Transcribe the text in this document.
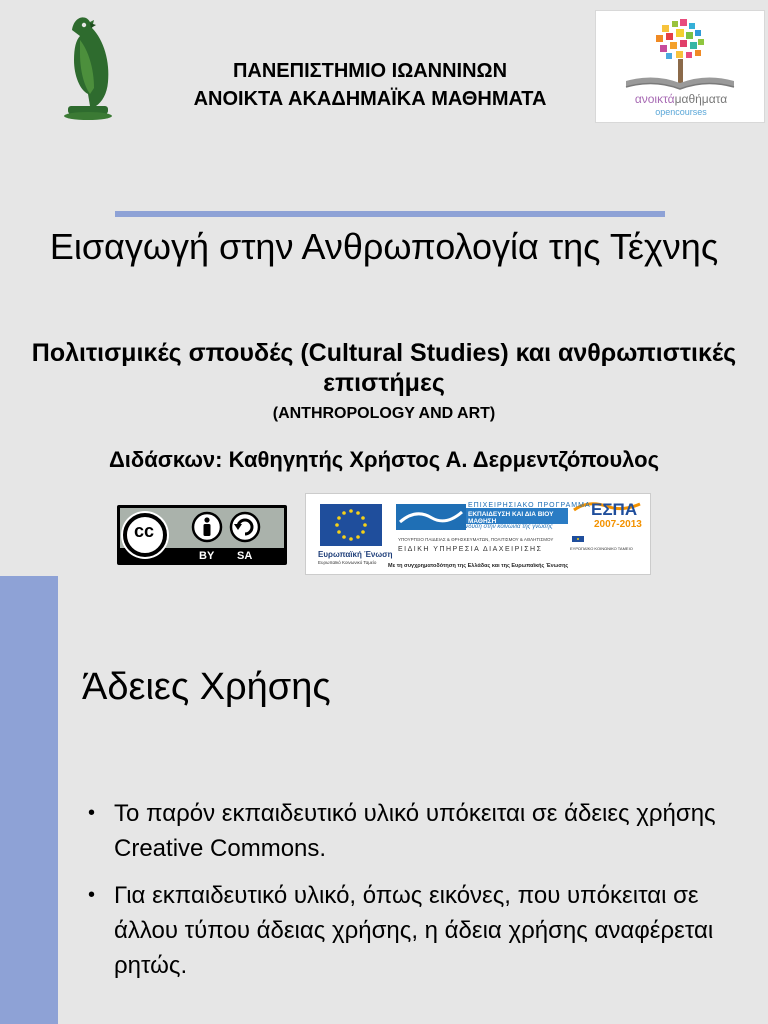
ΠΑΝΕΠΙΣΤΗΜΙΟ ΙΩΑΝΝΙΝΩΝ
ΑΝΟΙΚΤΑ ΑΚΑΔΗΜΑΪΚΑ ΜΑΘΗΜΑΤΑ	ανοικτάμαθήματα
opencourses
Εισαγωγή στην Ανθρωπολογία της Τέχνης
Πολιτισμικές σπουδές (Cultural Studies) και ανθρωπιστικές επιστήμες
(ANTHROPOLOGY AND ART)
Διδάσκων: Καθηγητής Χρήστος Α. Δερμεντζόπουλος
cc
BY SA	Ευρωπαϊκή Ένωση
Ευρωπαϊκό Κοινωνικό Ταμείο
ΕΠΙΧΕΙΡΗΣΙΑΚΟ ΠΡΟΓΡΑΜΜΑ
ΕΚΠΑΙΔΕΥΣΗ ΚΑΙ ΔΙΑ ΒΙΟΥ ΜΑΘΗΣΗ
επένδυση στην κοινωνία της γνώσης
ΥΠΟΥΡΓΕΙΟ ΠΑΙΔΕΙΑΣ & ΘΡΗΣΚΕΥΜΑΤΩΝ, ΠΟΛΙΤΙΣΜΟΥ & ΑΘΛΗΤΙΣΜΟΥ
ΕΙΔΙΚΗ ΥΠΗΡΕΣΙΑ ΔΙΑΧΕΙΡΙΣΗΣ
ΕΣΠΑ
2007-2013
ΕΥΡΩΠΑΪΚΟ ΚΟΙΝΩΝΙΚΟ ΤΑΜΕΙΟ
Με τη συγχρηματοδότηση της Ελλάδας και της Ευρωπαϊκής Ένωσης
Άδειες Χρήσης
• Το παρόν εκπαιδευτικό υλικό υπόκειται σε άδειες χρήσης Creative Commons.
• Για εκπαιδευτικό υλικό, όπως εικόνες, που υπόκειται σε άλλου τύπου άδειας χρήσης, η άδεια χρήσης αναφέρεται ρητώς.
